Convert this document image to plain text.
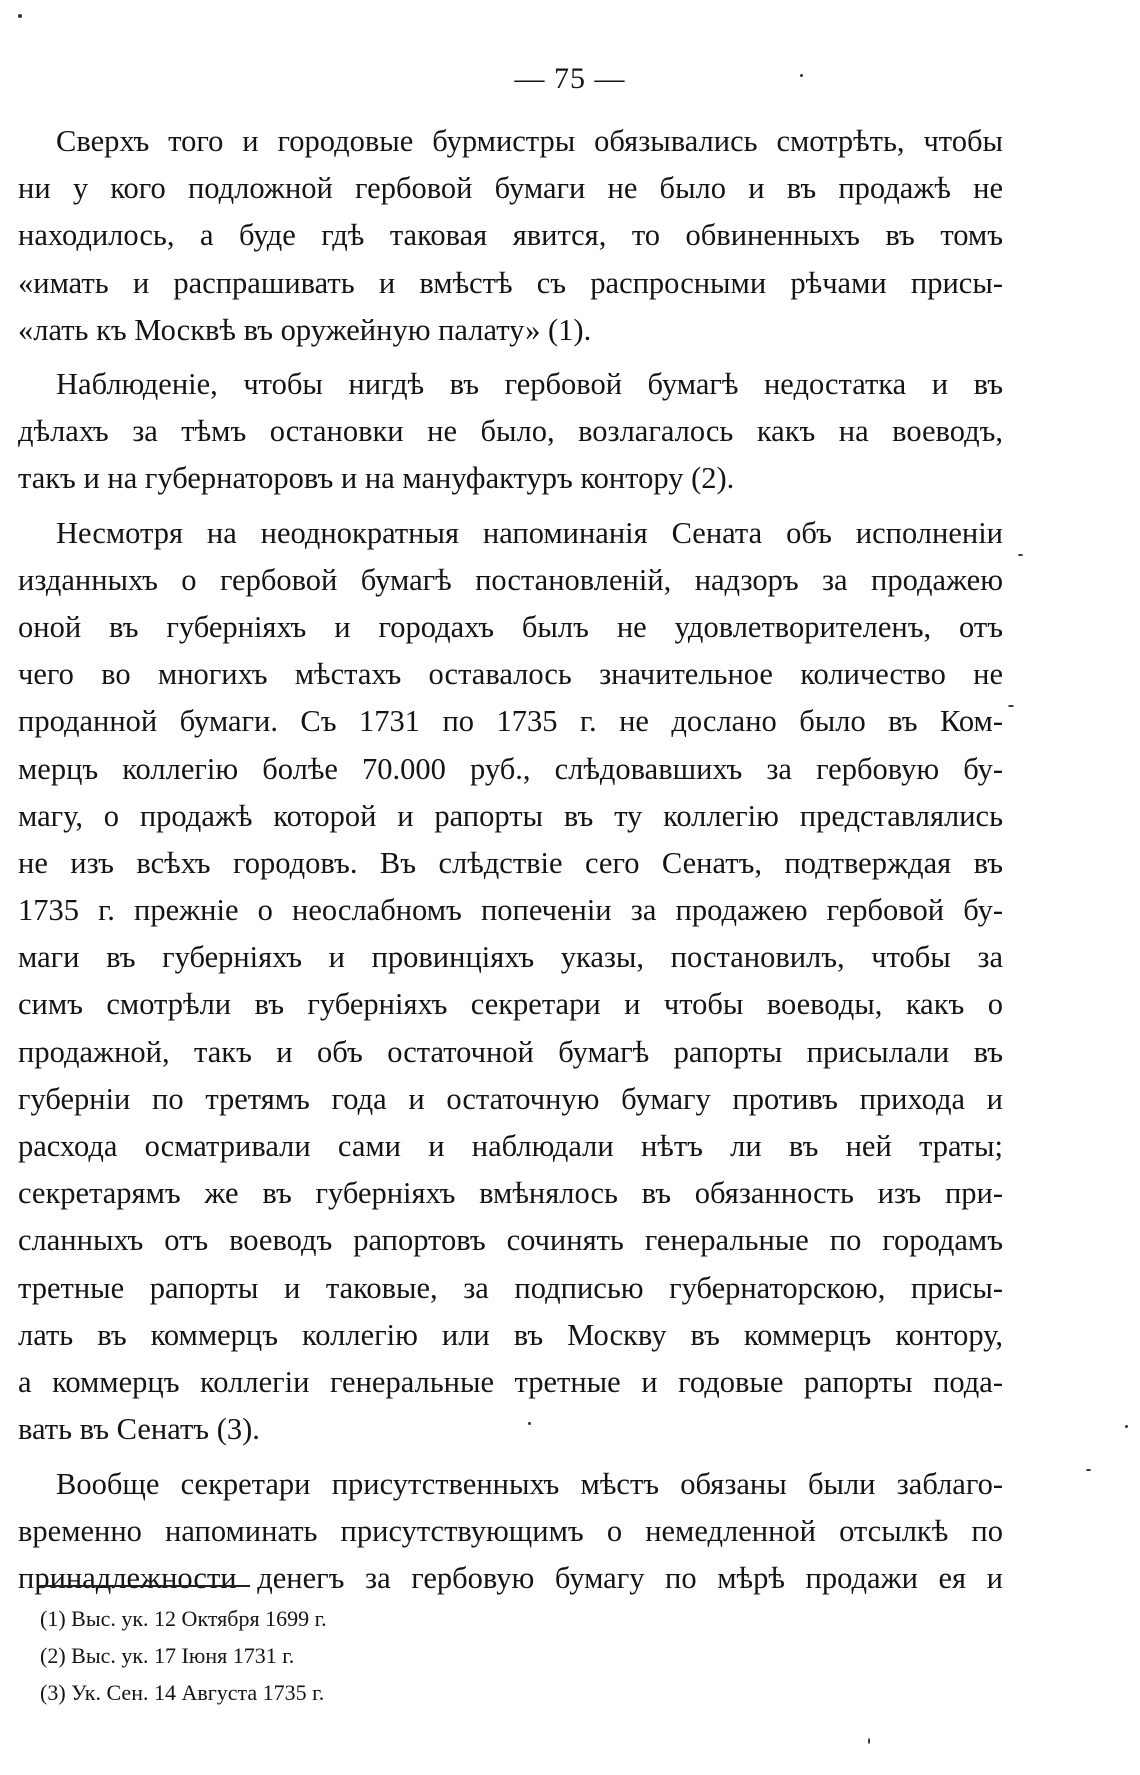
— 75 —
Сверхъ того и городовые бурмистры обязывались смотрѣть, чтобы
ни у кого подложной гербовой бумаги не было и въ продажѣ не
находилось, а буде гдѣ таковая явится, то обвиненныхъ въ томъ
«имать и распрашивать и вмѣстѣ съ распросными рѣчами присы-
«лать къ Москвѣ въ оружейную палату» (1).
Наблюденіе, чтобы нигдѣ въ гербовой бумагѣ недостатка и въ
дѣлахъ за тѣмъ остановки не было, возлагалось какъ на воеводъ,
такъ и на губернаторовъ и на мануфактуръ контору (2).
Несмотря на неоднократныя напоминанія Сената объ исполненіи
изданныхъ о гербовой бумагѣ постановленій, надзоръ за продажею
оной въ губерніяхъ и городахъ былъ не удовлетворителенъ, отъ
чего во многихъ мѣстахъ оставалось значительное количество не
проданной бумаги. Съ 1731 по 1735 г. не дослано было въ Ком-
мерцъ коллегію болѣе 70.000 руб., слѣдовавшихъ за гербовую бу-
магу, о продажѣ которой и рапорты въ ту коллегію представлялись
не изъ всѣхъ городовъ. Въ слѣдствіе сего Сенатъ, подтверждая въ
1735 г. прежніе о неослабномъ попеченіи за продажею гербовой бу-
маги въ губерніяхъ и провинціяхъ указы, постановилъ, чтобы за
симъ смотрѣли въ губерніяхъ секретари и чтобы воеводы, какъ о
продажной, такъ и объ остаточной бумагѣ рапорты присылали въ
губерніи по третямъ года и остаточную бумагу противъ прихода и
расхода осматривали сами и наблюдали нѣтъ ли въ ней траты;
секретарямъ же въ губерніяхъ вмѣнялось въ обязанность изъ при-
сланныхъ отъ воеводъ рапортовъ сочинять генеральные по городамъ
третные рапорты и таковые, за подписью губернаторскою, присы-
лать въ коммерцъ коллегію или въ Москву въ коммерцъ контору,
а коммерцъ коллегіи генеральные третные и годовые рапорты пода-
вать въ Сенатъ (3).
Вообще секретари присутственныхъ мѣстъ обязаны были заблаго-
временно напоминать присутствующимъ о немедленной отсылкѣ по
принадлежности денегъ за гербовую бумагу по мѣрѣ продажи ея и
(1) Выс. ук. 12 Октября 1699 г.
(2) Выс. ук. 17 Іюня 1731 г.
(3) Ук. Сен. 14 Августа 1735 г.
